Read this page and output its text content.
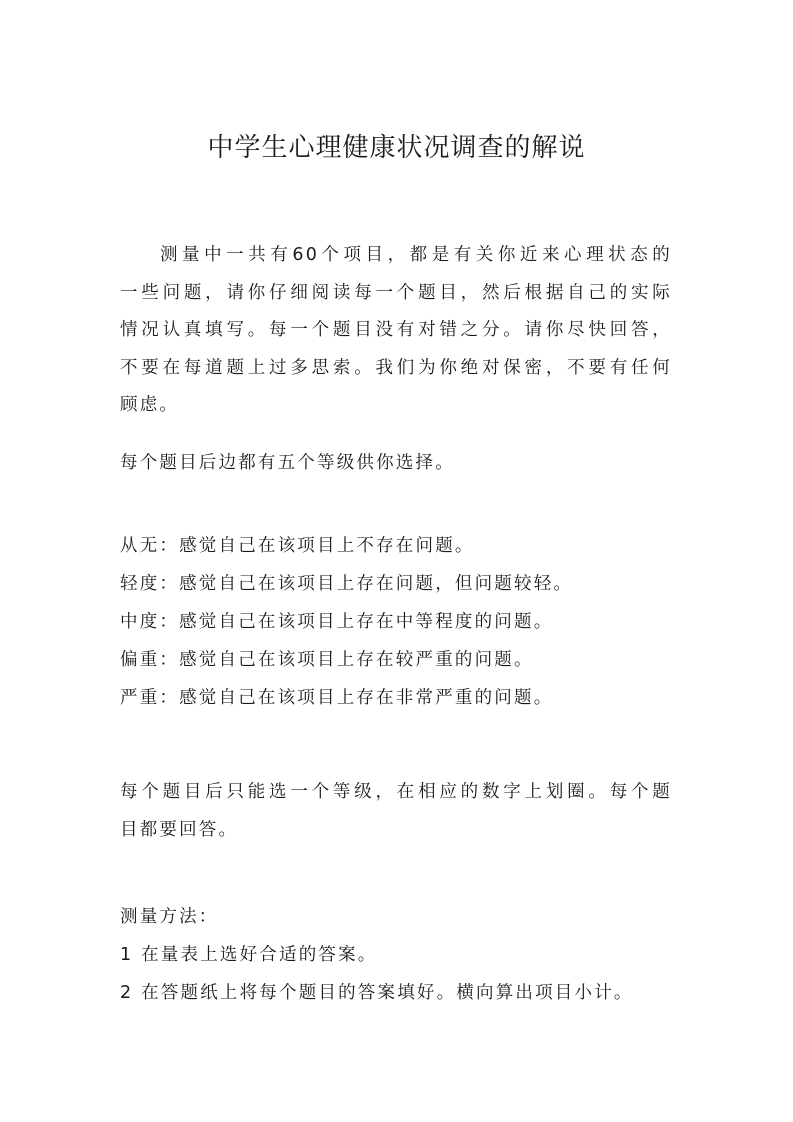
中学生心理健康状况调查的解说
测量中一共有60个项目，都是有关你近来心理状态的
一些问题，请你仔细阅读每一个题目，然后根据自己的实际
情况认真填写。每一个题目没有对错之分。请你尽快回答，
不要在每道题上过多思索。我们为你绝对保密，不要有任何
顾虑。
每个题目后边都有五个等级供你选择。
从无：感觉自己在该项目上不存在问题。
轻度：感觉自己在该项目上存在问题，但问题较轻。
中度：感觉自己在该项目上存在中等程度的问题。
偏重：感觉自己在该项目上存在较严重的问题。
严重：感觉自己在该项目上存在非常严重的问题。
每个题目后只能选一个等级，在相应的数字上划圈。每个题
目都要回答。
测量方法：
1 在量表上选好合适的答案。
2 在答题纸上将每个题目的答案填好。横向算出项目小计。
